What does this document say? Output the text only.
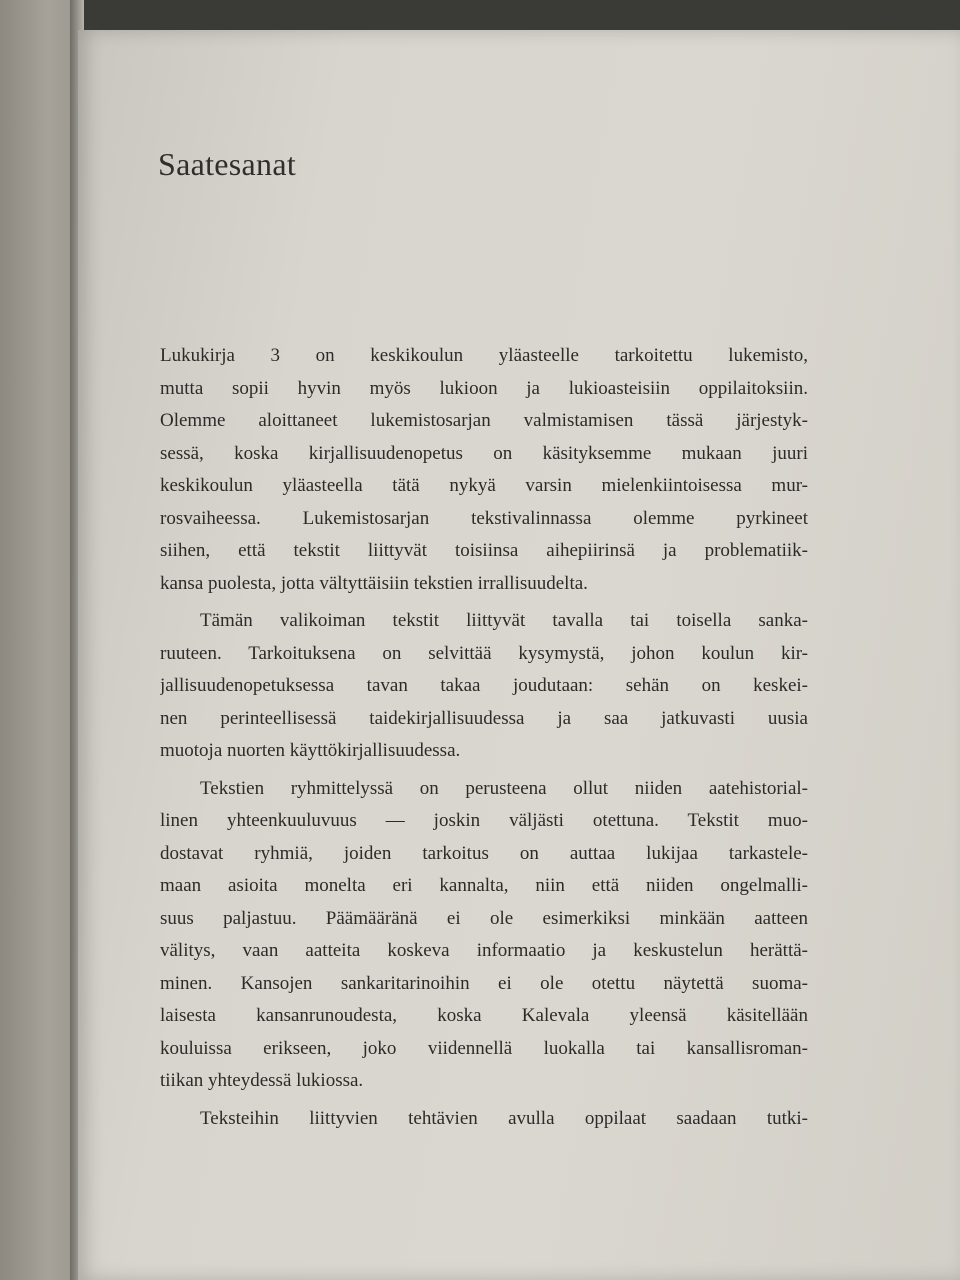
Saatesanat

Lukukirja 3 on keskikoulun yläasteelle tarkoitettu lukemisto,
mutta sopii hyvin myös lukioon ja lukioasteisiin oppilaitoksiin.
Olemme aloittaneet lukemistosarjan valmistamisen tässä järjestyk-
sessä, koska kirjallisuudenopetus on käsityksemme mukaan juuri
keskikoulun yläasteella tätä nykyä varsin mielenkiintoisessa mur-
rosvaiheessa. Lukemistosarjan tekstivalinnassa olemme pyrkineet
siihen, että tekstit liittyvät toisiinsa aihepiirinsä ja problematiik-
kansa puolesta, jotta vältyttäisiin tekstien irrallisuudelta.

Tämän valikoiman tekstit liittyvät tavalla tai toisella sanka-
ruuteen. Tarkoituksena on selvittää kysymystä, johon koulun kir-
jallisuudenopetuksessa tavan takaa joudutaan: sehän on keskei-
nen perinteellisessä taidekirjallisuudessa ja saa jatkuvasti uusia
muotoja nuorten käyttökirjallisuudessa.

Tekstien ryhmittelyssä on perusteena ollut niiden aatehistorial-
linen yhteenkuuluvuus — joskin väljästi otettuna. Tekstit muo-
dostavat ryhmiä, joiden tarkoitus on auttaa lukijaa tarkastele-
maan asioita monelta eri kannalta, niin että niiden ongelmalli-
suus paljastuu. Päämääränä ei ole esimerkiksi minkään aatteen
välitys, vaan aatteita koskeva informaatio ja keskustelun herättä-
minen. Kansojen sankaritarinoihin ei ole otettu näytettä suoma-
laisesta kansanrunoudesta, koska Kalevala yleensä käsitellään
kouluissa erikseen, joko viidennellä luokalla tai kansallisroman-
tiikan yhteydessä lukiossa.

Teksteihin liittyvien tehtävien avulla oppilaat saadaan tutki-
